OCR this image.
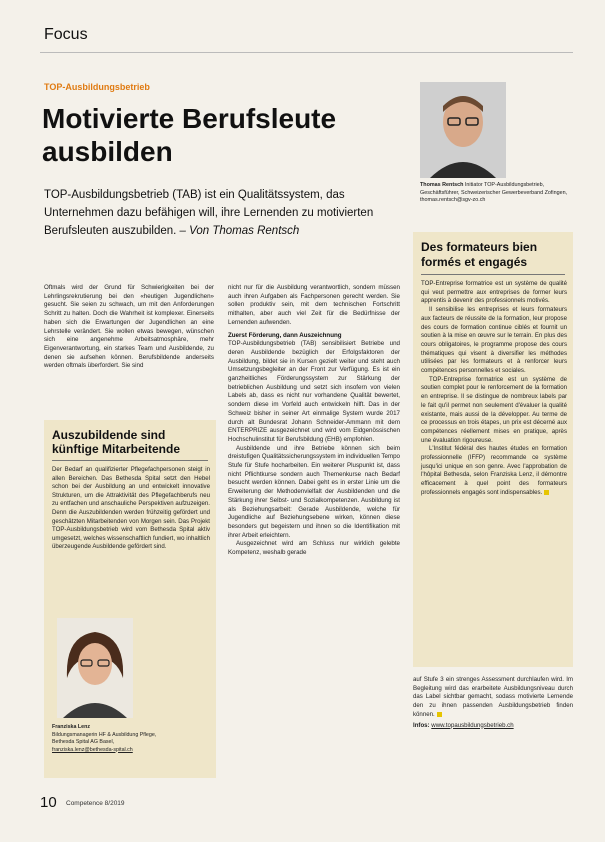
Focus
TOP-Ausbildungsbetrieb
Motivierte Berufsleute ausbilden
TOP-Ausbildungsbetrieb (TAB) ist ein Qualitätssystem, das Unternehmen dazu befähigen will, ihre Lernenden zu motivierten Berufsleuten auszubilden. – Von Thomas Rentsch
Thomas Rentsch Initiator TOP-Ausbildungsbetrieb, Geschäftsführer, Schweizerischer Gewerbeverband Zofingen, thomas.rentsch@sgv-zo.ch

Oftmals wird der Grund für Schwierigkeiten bei der Lehrlingsrekrutierung bei den «heutigen Jugendlichen» gesucht. Sie seien zu schwach, um mit den Anforderungen Schritt zu halten. Doch die Wahrheit ist komplexer. Einerseits haben sich die Erwartungen der Jugendlichen an eine Lehrstelle verändert. Sie wollen etwas bewegen, wünschen sich eine angenehme Arbeitsatmosphäre, mehr Eigenverantwortung, ein starkes Team und Ausbildende, zu denen sie aufsehen können. Berufsbildende anderseits werden oftmals überfordert. Sie sind

nicht nur für die Ausbildung verantwortlich, sondern müssen auch ihren Aufgaben als Fachpersonen gerecht werden. Sie sollen produktiv sein, mit dem technischen Fortschritt mithalten, aber auch viel Zeit für die Bedürfnisse der Lernenden aufwenden.

Zuerst Förderung, dann Auszeichnung

TOP-Ausbildungsbetrieb (TAB) sensibilisiert Betriebe und deren Ausbildende bezüglich der Erfolgsfaktoren der Ausbildung, bildet sie in Kursen gezielt weiter und steht auch Umsetzungsbegleiter an der Front zur Verfügung. Es ist ein ganzheitliches Förderungssystem zur Stärkung der betrieblichen Ausbildung und setzt sich insofern von vielen Labels ab, dass es nicht nur vorhandene Qualität bewertet, sondern diese im Vorfeld auch entwickeln hilft. Das in der Schweiz bisher in seiner Art einmalige System wurde 2017 durch alt Bundesrat Johann Schneider-Ammann mit dem ENTERPRIZE ausgezeichnet und wird vom Eidgenössischen Hochschulinstitut für Berufsbildung (EHB) empfohlen.

Ausbildende und ihre Betriebe können sich beim dreistufigen Qualitätssicherungssystem im individuellen Tempo Stufe für Stufe hocharbeiten. Ein weiterer Pluspunkt ist, dass nicht Pflichtkurse sondern auch Themenkurse nach Bedarf besucht werden können. Dabei geht es in erster Linie um die Erweiterung der Methodenvielfalt der Ausbildenden und die Stärkung ihrer Selbst- und Sozialkompetenzen. Ausbildung ist als Beziehungsarbeit: Gerade Ausbildende, welche für Jugendliche auf Beziehungsebene wirken, können diese besonders gut begeistern und ihnen so die Identifikation mit ihrer Arbeit erleichtern.

Ausgezeichnet wird am Schluss nur wirklich gelebte Kompetenz, weshalb gerade

Auszubildende sind künftige Mitarbeitende
Der Bedarf an qualifizierter Pflegefachpersonen steigt in allen Bereichen. Das Bethesda Spital setzt den Hebel schon bei der Ausbildung an und entwickelt innovative Strukturen, um die Attraktivität des Pflegefachberufs neu zu entfachen und anschauliche Perspektiven aufzuzeigen. Denn die Auszubildenden werden frühzeitig gefördert und geschätzten Mitarbeitenden von Morgen sein. Das Projekt TOP-Ausbildungsbetrieb wird vom Bethesda Spital aktiv umgesetzt, welches wissenschaftlich fundiert, wo inhaltlich überzeugende Ausbildende gefördert sind.
Franziska Lenz
Bildungsmanagerin HF & Ausbildung Pflege,
Bethesda Spital AG Basel,
franziska.lenz@bethesda-spital.ch
Des formateurs bien formés et engagés

TOP-Entreprise formatrice est un système de qualité qui veut permettre aux entreprises de former leurs apprentis à devenir des professionnels motivés.

Il sensibilise les entreprises et leurs formateurs aux facteurs de réussite de la formation, leur propose des cours de formation continue ciblés et fournit un soutien à la mise en œuvre sur le terrain. En plus des cours obligatoires, le programme propose des cours thématiques qui visent à diversifier les méthodes utilisées par les formateurs et à renforcer leurs compétences personnelles et sociales.

TOP-Entreprise formatrice est un système de soutien complet pour le renforcement de la formation en entreprise. Il se distingue de nombreux labels par le fait qu'il permet non seulement d'évaluer la qualité existante, mais aussi de la développer. Au terme de ce processus en trois étapes, un prix est décerné aux compétences réellement mises en pratique, après une évaluation rigoureuse.

L'Institut fédéral des hautes études en formation professionnelle (IFFP) recommande ce système jusqu'ici unique en son genre. Avec l'approbation de l'hôpital Bethesda, selon Franziska Lenz, il démontre efficacement à quel point des formateurs professionnels engagés sont indispensables.

auf Stufe 3 ein strenges Assessment durchlaufen wird. Im Begleitung wird das erarbeitete Ausbildungsniveau durch das Label sichtbar gemacht, sodass motivierte Lernende den zu ihnen passenden Ausbildungsbetrieb finden können.

Infos: www.topausbildungsbetrieb.ch

10 Competence 8/2019
